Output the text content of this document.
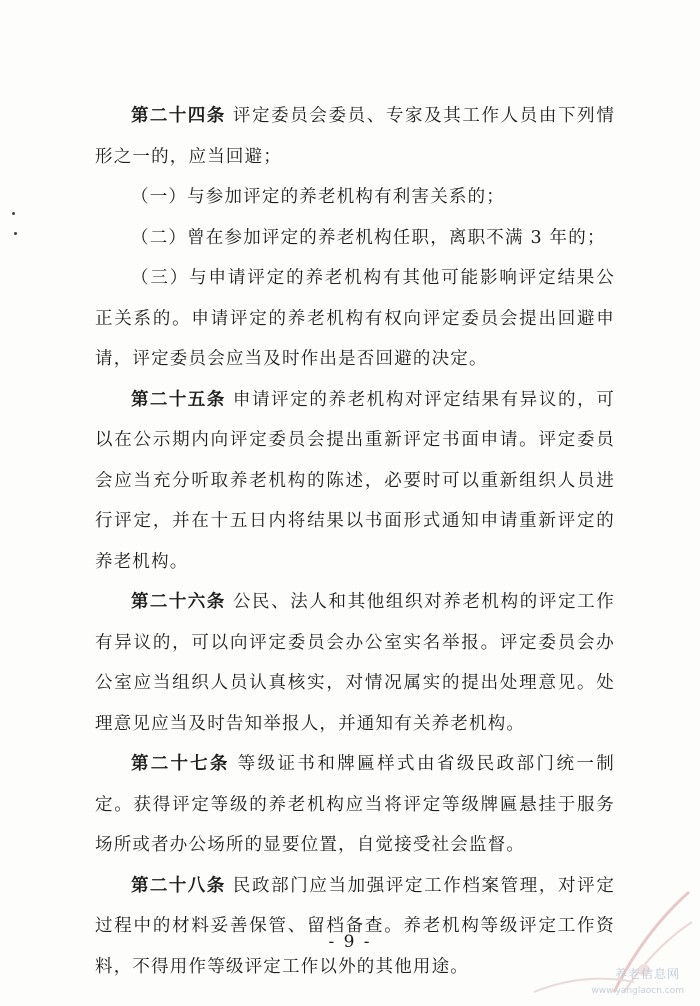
第二十四条 评定委员会委员、专家及其工作人员由下列情形之一的，应当回避；

（一）与参加评定的养老机构有利害关系的；

（二）曾在参加评定的养老机构任职，离职不满 3 年的；

（三）与申请评定的养老机构有其他可能影响评定结果公正关系的。申请评定的养老机构有权向评定委员会提出回避申请，评定委员会应当及时作出是否回避的决定。

第二十五条 申请评定的养老机构对评定结果有异议的，可以在公示期内向评定委员会提出重新评定书面申请。评定委员会应当充分听取养老机构的陈述，必要时可以重新组织人员进行评定，并在十五日内将结果以书面形式通知申请重新评定的养老机构。

第二十六条 公民、法人和其他组织对养老机构的评定工作有异议的，可以向评定委员会办公室实名举报。评定委员会办公室应当组织人员认真核实，对情况属实的提出处理意见。处理意见应当及时告知举报人，并通知有关养老机构。

第二十七条 等级证书和牌匾样式由省级民政部门统一制定。获得评定等级的养老机构应当将评定等级牌匾悬挂于服务场所或者办公场所的显要位置，自觉接受社会监督。

第二十八条 民政部门应当加强评定工作档案管理，对评定过程中的材料妥善保管、留档备查。养老机构等级评定工作资料，不得用作等级评定工作以外的其他用途。

- 9 -
养老信息网
www.yanglaocn.com
